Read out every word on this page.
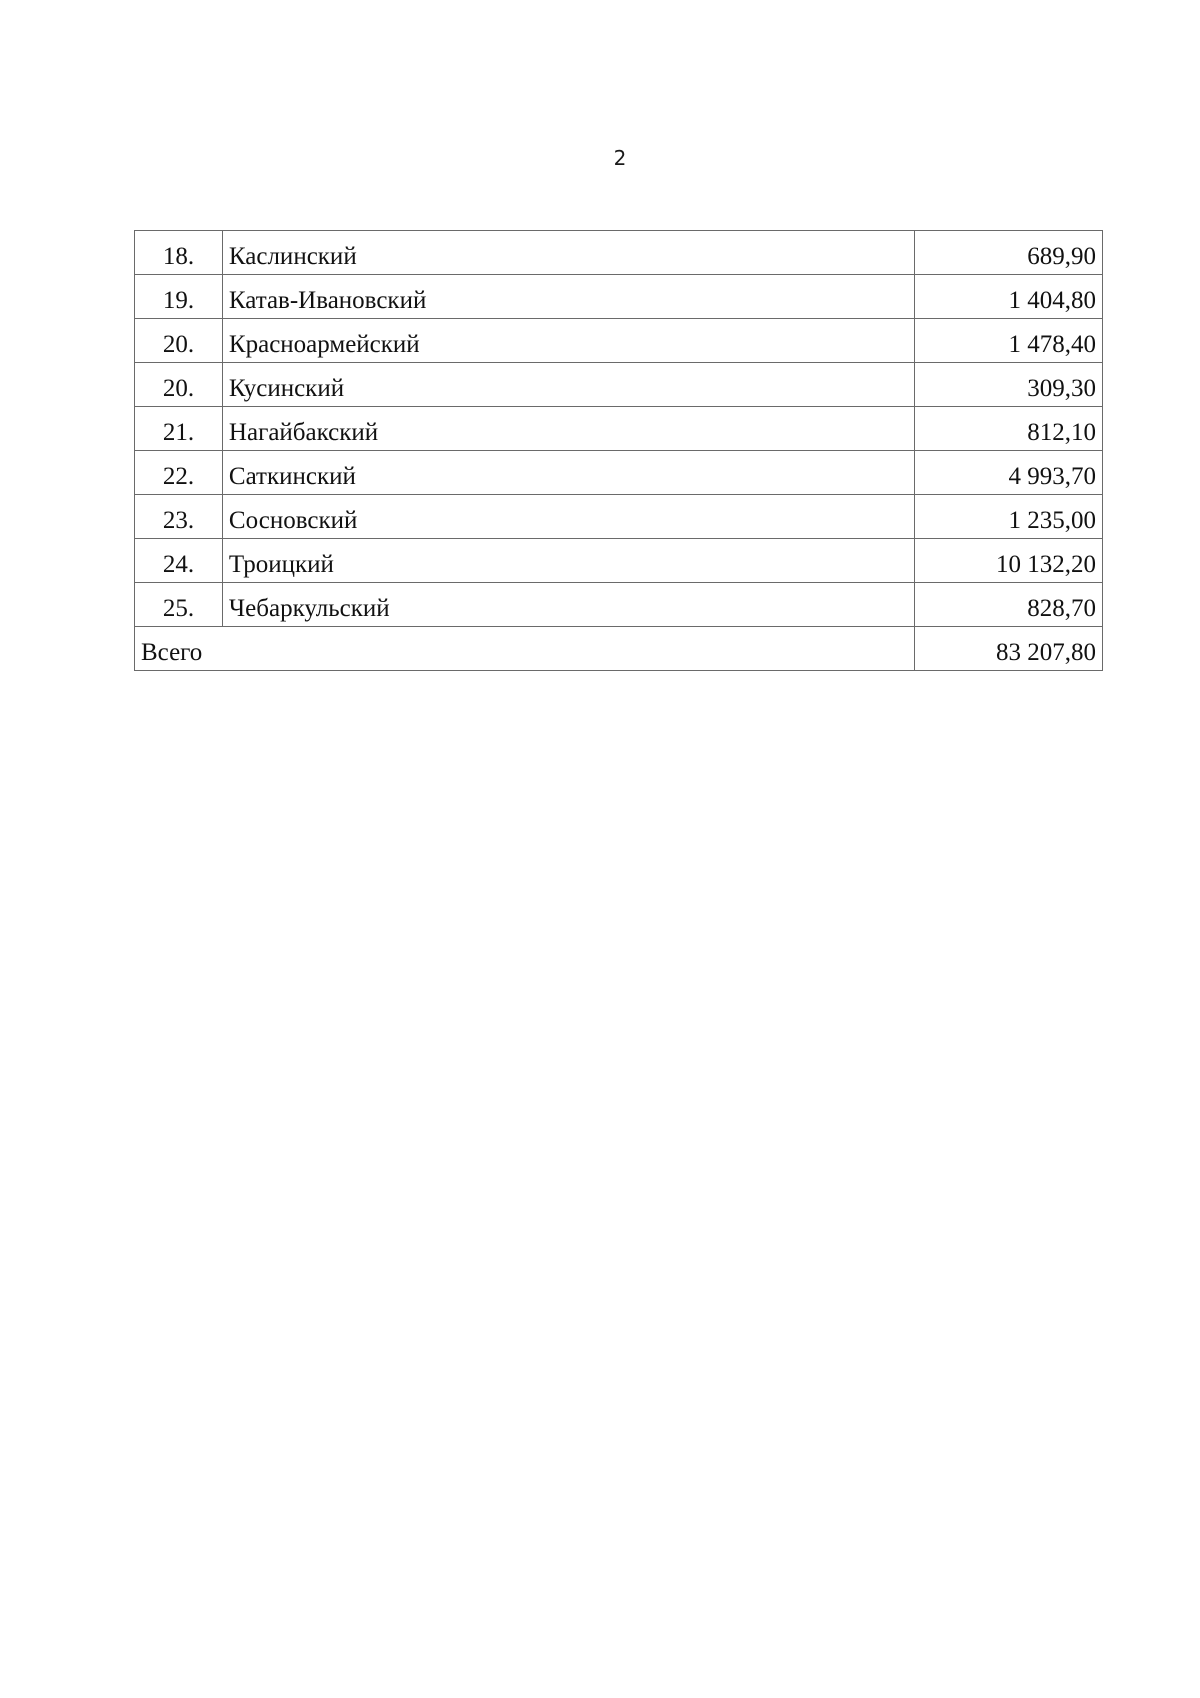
2
18.	Каслинский	689,90
19.	Катав-Ивановский	1 404,80
20.	Красноармейский	1 478,40
20.	Кусинский	309,30
21.	Нагайбакский	812,10
22.	Саткинский	4 993,70
23.	Сосновский	1 235,00
24.	Троицкий	10 132,20
25.	Чебаркульский	828,70
Всего		83 207,80
